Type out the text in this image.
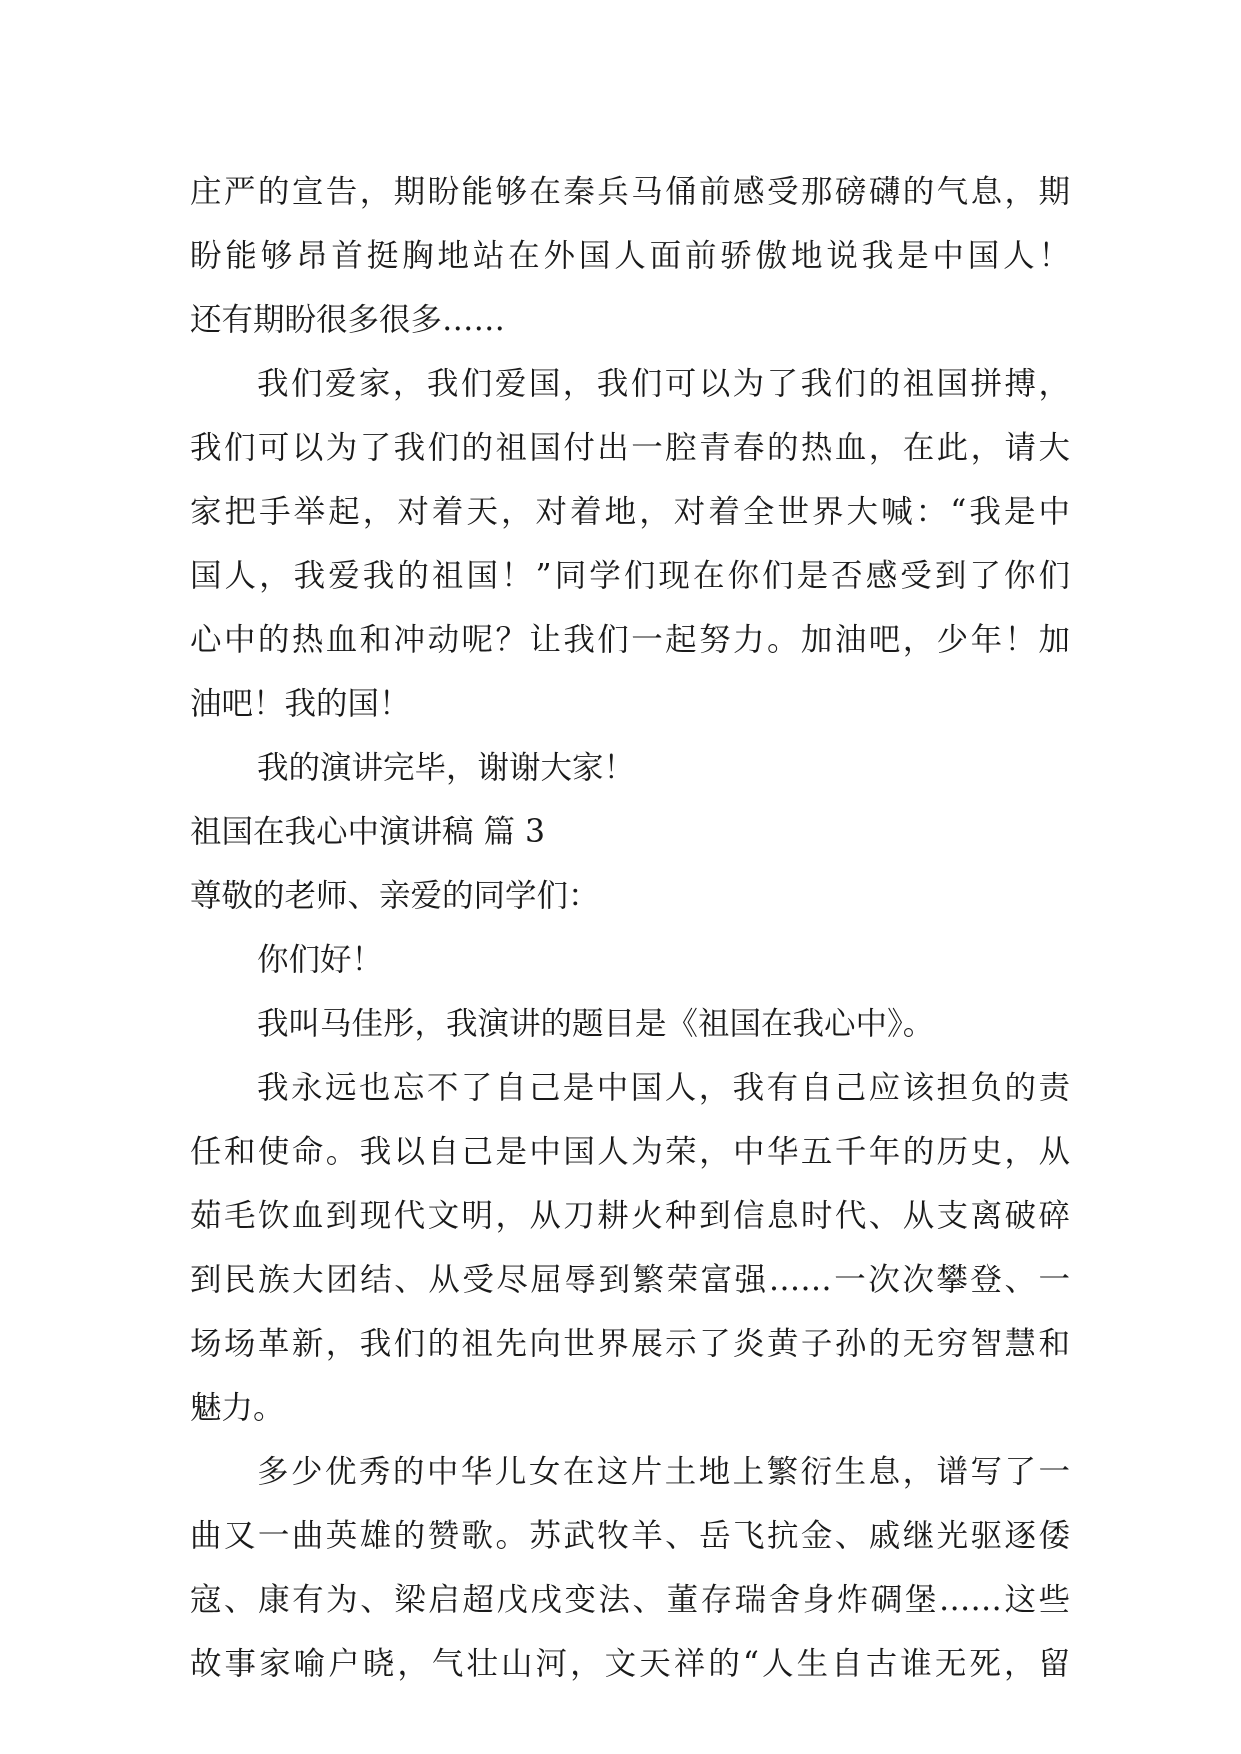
庄严的宣告，期盼能够在秦兵马俑前感受那磅礴的气息，期
盼能够昂首挺胸地站在外国人面前骄傲地说我是中国人！
还有期盼很多很多……
我们爱家，我们爱国，我们可以为了我们的祖国拼搏，
我们可以为了我们的祖国付出一腔青春的热血，在此，请大
家把手举起，对着天，对着地，对着全世界大喊：“我是中
国人，我爱我的祖国！”同学们现在你们是否感受到了你们
心中的热血和冲动呢？让我们一起努力。加油吧，少年！加
油吧！我的国！
我的演讲完毕，谢谢大家！
祖国在我心中演讲稿 篇 3
尊敬的老师、亲爱的同学们：
你们好！
我叫马佳彤，我演讲的题目是《祖国在我心中》。
我永远也忘不了自己是中国人，我有自己应该担负的责
任和使命。我以自己是中国人为荣，中华五千年的历史，从
茹毛饮血到现代文明，从刀耕火种到信息时代、从支离破碎
到民族大团结、从受尽屈辱到繁荣富强……一次次攀登、一
场场革新，我们的祖先向世界展示了炎黄子孙的无穷智慧和
魅力。
多少优秀的中华儿女在这片土地上繁衍生息，谱写了一
曲又一曲英雄的赞歌。苏武牧羊、岳飞抗金、戚继光驱逐倭
寇、康有为、梁启超戊戌变法、董存瑞舍身炸碉堡……这些
故事家喻户晓，气壮山河，文天祥的“人生自古谁无死，留
